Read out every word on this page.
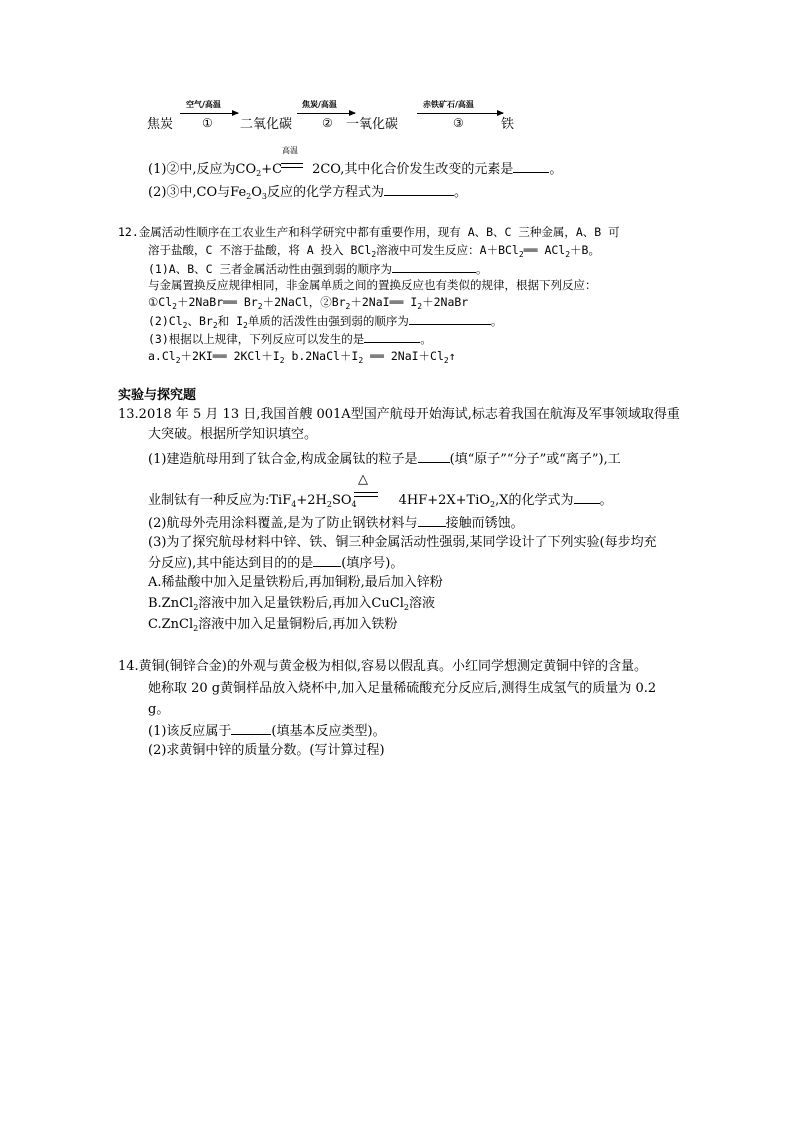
焦炭
空气/高温
① 二氧化碳
焦炭/高温
② 一氧化碳
赤铁矿石/高温
③	铁
(1)②中,反应为$CO_2+C$ 2CO,其中化合价发生改变的元素是	。
高温
(2)③中,CO与$Fe_2O_3$反应的化学方程式为	。
12.金属活动性顺序在工农业生产和科学研究中都有重要作用，现有 A、B、C 三种金属，A、B 可
溶于盐酸，C 不溶于盐酸，将 A 投入 BCl$_2$溶液中可发生反应：A＋BCl$_2$══ ACl$_2$＋B。
(1)A、B、C 三者金属活动性由强到弱的顺序为	。
与金属置换反应规律相同，非金属单质之间的置换反应也有类似的规律，根据下列反应：
$①Cl_2+2NaBr══$ $Br_2+2NaCl$，$②Br_2+2NaI══$ $I_2+2NaBr$
$(2)Cl_2$、$Br_2$和 $I_2$单质的活泼性由强到弱的顺序为	。
(3)根据以上规律，下列反应可以发生的是	。
$a.Cl_2+2KI══$ $2KCl+I_2$ $b.2NaCl+I_2$ ══ $2NaI+Cl_2↑$
实验与探究题
13.2018 年 5 月 13 日,我国首艘 001A型国产航母开始海试,标志着我国在航海及军事领域取得重
大突破。根据所学知识填空。
(1)建造航母用到了钛合金,构成金属钛的粒子是 (填“原子”“分子”或“离子”),工
业制钛有一种反应为$:TiF_4+2H_2SO_4$	4HF+2X+TiO$_2$,X的化学式为 。
△
(2)航母外壳用涂料覆盖,是为了防止钢铁材料与 接触而锈蚀。
(3)为了探究航母材料中锌、铁、铜三种金属活动性强弱,某同学设计了下列实验(每步均充
分反应),其中能达到目的的是 (填序号)。
A.稀盐酸中加入足量铁粉后,再加铜粉,最后加入锌粉
B.ZnCl$_2$溶液中加入足量铁粉后,再加入CuCl$_2$溶液
C.ZnCl$_2$溶液中加入足量铜粉后,再加入铁粉
14.黄铜(铜锌合金)的外观与黄金极为相似,容易以假乱真。小红同学想测定黄铜中锌的含量。
她称取 20 g黄铜样品放入烧杯中,加入足量稀硫酸充分反应后,测得生成氢气的质量为 0.2
g。
(1)该反应属于	(填基本反应类型)。
(2)求黄铜中锌的质量分数。(写计算过程)
